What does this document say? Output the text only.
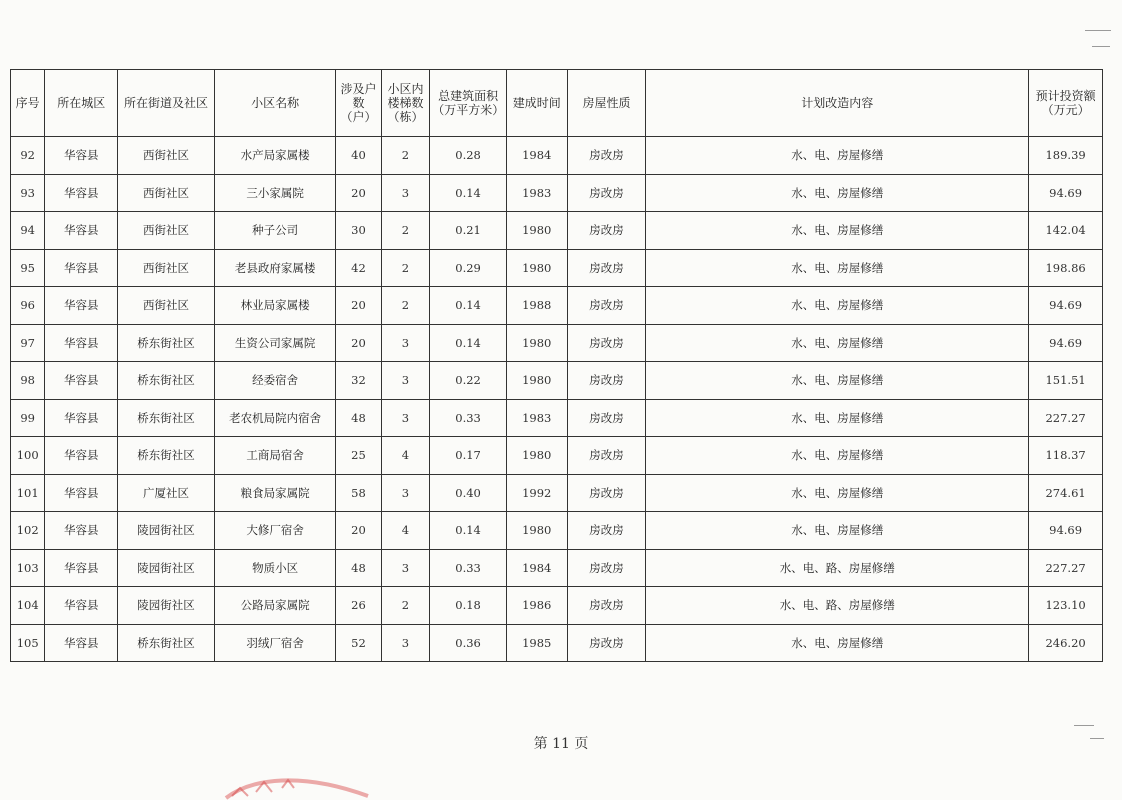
序号	所在城区	所在街道及社区	小区名称	涉及户数（户）	小区内楼梯数（栋）	总建筑面积（万平方米）	建成时间	房屋性质	计划改造内容	预计投资额（万元）
92	华容县	西街社区	水产局家属楼	40	2	0.28	1984	房改房	水、电、房屋修缮	189.39
93	华容县	西街社区	三小家属院	20	3	0.14	1983	房改房	水、电、房屋修缮	94.69
94	华容县	西街社区	种子公司	30	2	0.21	1980	房改房	水、电、房屋修缮	142.04
95	华容县	西街社区	老县政府家属楼	42	2	0.29	1980	房改房	水、电、房屋修缮	198.86
96	华容县	西街社区	林业局家属楼	20	2	0.14	1988	房改房	水、电、房屋修缮	94.69
97	华容县	桥东街社区	生资公司家属院	20	3	0.14	1980	房改房	水、电、房屋修缮	94.69
98	华容县	桥东街社区	经委宿舍	32	3	0.22	1980	房改房	水、电、房屋修缮	151.51
99	华容县	桥东街社区	老农机局院内宿舍	48	3	0.33	1983	房改房	水、电、房屋修缮	227.27
100	华容县	桥东街社区	工商局宿舍	25	4	0.17	1980	房改房	水、电、房屋修缮	118.37
101	华容县	广厦社区	粮食局家属院	58	3	0.40	1992	房改房	水、电、房屋修缮	274.61
102	华容县	陵园街社区	大修厂宿舍	20	4	0.14	1980	房改房	水、电、房屋修缮	94.69
103	华容县	陵园街社区	物质小区	48	3	0.33	1984	房改房	水、电、路、房屋修缮	227.27
104	华容县	陵园街社区	公路局家属院	26	2	0.18	1986	房改房	水、电、路、房屋修缮	123.10
105	华容县	桥东街社区	羽绒厂宿舍	52	3	0.36	1985	房改房	水、电、房屋修缮	246.20
第 11 页
